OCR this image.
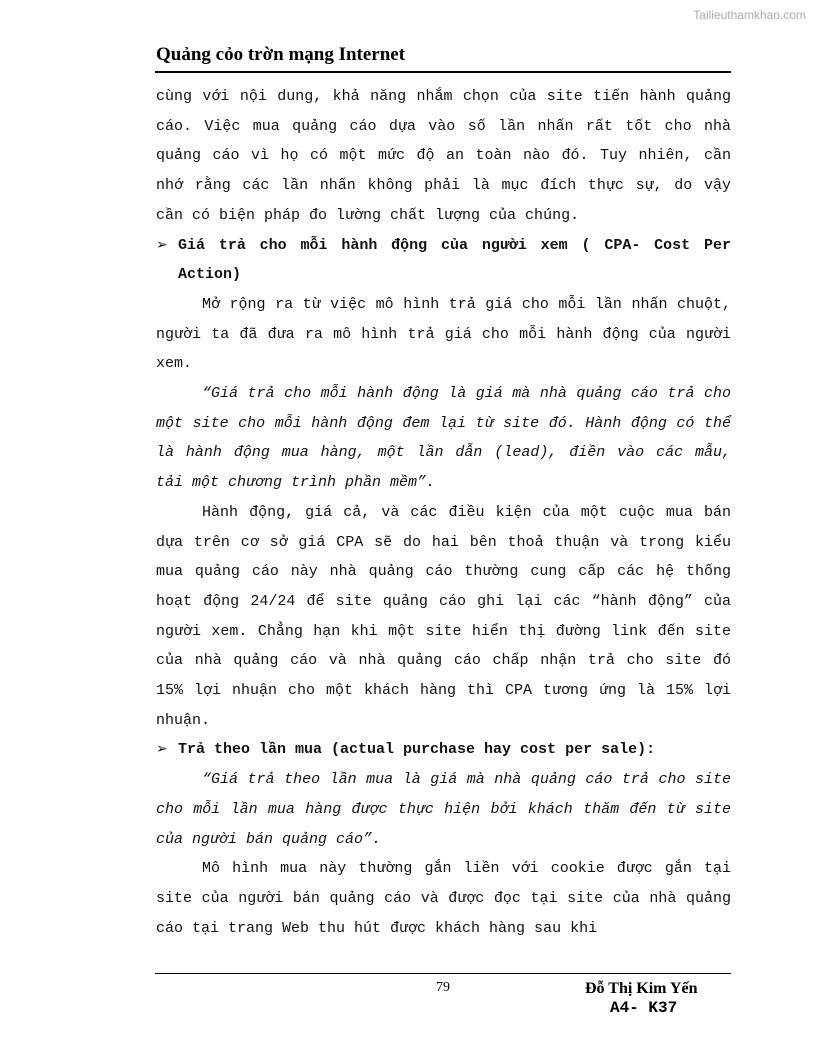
Tailieuthamkhao.com
Quảng cỏo trờn mạng Internet

cùng với nội dung, khả năng nhắm chọn của site tiến hành quảng cáo. Việc mua quảng cáo dựa vào số lần nhấn rất tốt cho nhà quảng cáo vì họ có một mức độ an toàn nào đó. Tuy nhiên, cần nhớ rằng các lần nhấn không phải là mục đích thực sự, do vậy cần có biện pháp đo lường chất lượng của chúng.

➢ Giá trả cho mỗi hành động của người xem ( CPA- Cost Per Action)

Mở rộng ra từ việc mô hình trả giá cho mỗi lần nhấn chuột, người ta đã đưa ra mô hình trả giá cho mỗi hành động của người xem.

“Giá trả cho mỗi hành động là giá mà nhà quảng cáo trả cho một site cho mỗi hành động đem lại từ site đó. Hành động có thể là hành động mua hàng, một lần dẫn (lead), điền vào các mẫu, tải một chương trình phần mềm”.

Hành động, giá cả, và các điều kiện của một cuộc mua bán dựa trên cơ sở giá CPA sẽ do hai bên thoả thuận và trong kiểu mua quảng cáo này nhà quảng cáo thường cung cấp các hệ thống hoạt động 24/24 để site quảng cáo ghi lại các “hành động” của người xem. Chẳng hạn khi một site hiển thị đường link đến site của nhà quảng cáo và nhà quảng cáo chấp nhận trả cho site đó 15% lợi nhuận cho một khách hàng thì CPA tương ứng là 15% lợi nhuận.

➢ Trả theo lần mua (actual purchase hay cost per sale):

“Giá trả theo lần mua là giá mà nhà quảng cáo trả cho site cho mỗi lần mua hàng được thực hiện bởi khách thăm đến từ site của người bán quảng cáo”.

Mô hình mua này thường gắn liền với cookie được gắn tại site của người bán quảng cáo và được đọc tại site của nhà quảng cáo tại trang Web thu hút được khách hàng sau khi

79	Đỗ Thị Kim Yến
A4- K37
